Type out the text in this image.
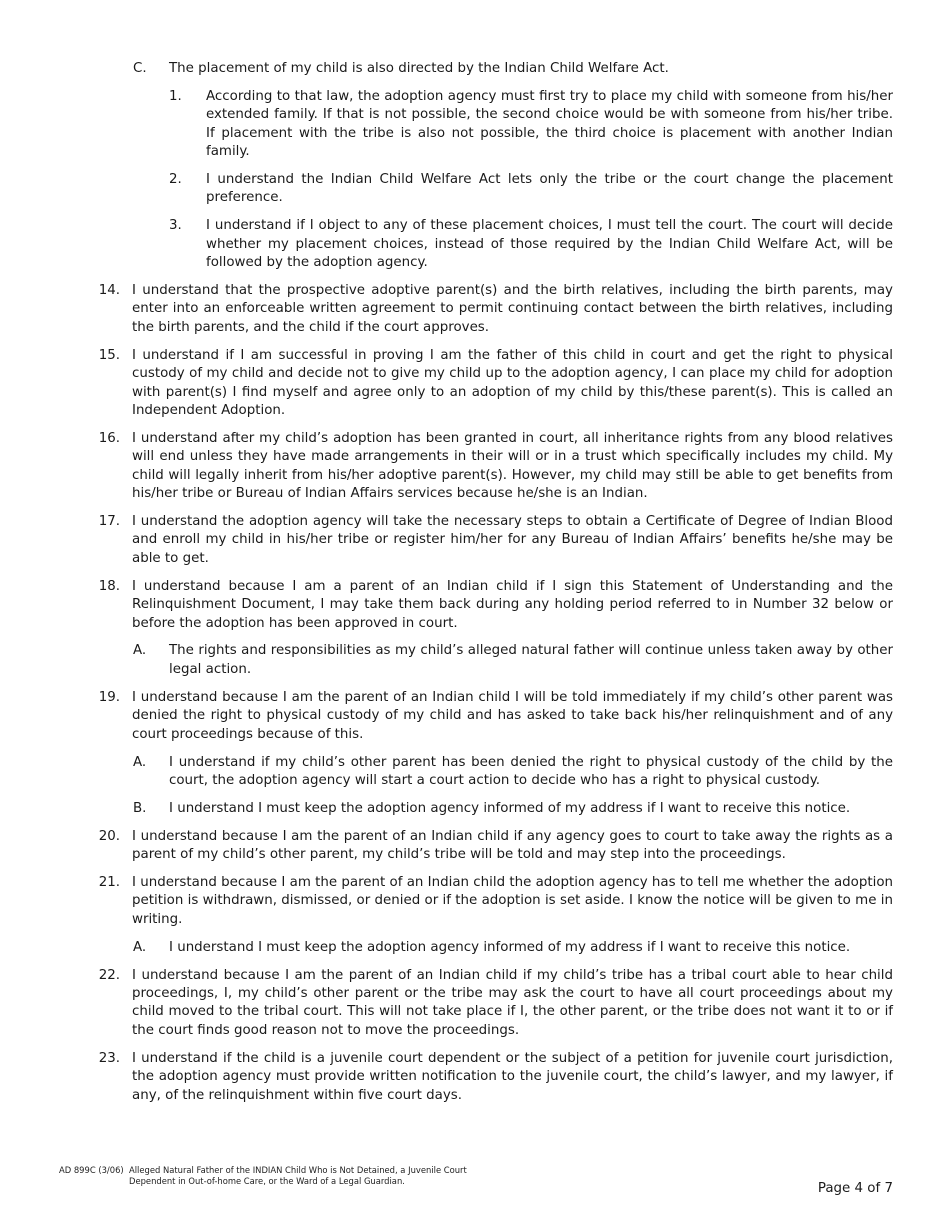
C.	The placement of my child is also directed by the Indian Child Welfare Act.
1.	According to that law, the adoption agency must first try to place my child with someone from his/her extended family. If that is not possible, the second choice would be with someone from his/her tribe. If placement with the tribe is also not possible, the third choice is placement with another Indian family.
2.	I understand the Indian Child Welfare Act lets only the tribe or the court change the placement preference.
3.	I understand if I object to any of these placement choices, I must tell the court. The court will decide whether my placement choices, instead of those required by the Indian Child Welfare Act, will be followed by the adoption agency.
14. I understand that the prospective adoptive parent(s) and the birth relatives, including the birth parents, may enter into an enforceable written agreement to permit continuing contact between the birth relatives, including the birth parents, and the child if the court approves.
15. I understand if I am successful in proving I am the father of this child in court and get the right to physical custody of my child and decide not to give my child up to the adoption agency, I can place my child for adoption with parent(s) I find myself and agree only to an adoption of my child by this/these parent(s). This is called an Independent Adoption.
16. I understand after my child’s adoption has been granted in court, all inheritance rights from any blood relatives will end unless they have made arrangements in their will or in a trust which specifically includes my child. My child will legally inherit from his/her adoptive parent(s). However, my child may still be able to get benefits from his/her tribe or Bureau of Indian Affairs services because he/she is an Indian.
17. I understand the adoption agency will take the necessary steps to obtain a Certificate of Degree of Indian Blood and enroll my child in his/her tribe or register him/her for any Bureau of Indian Affairs’ benefits he/she may be able to get.
18. I understand because I am a parent of an Indian child if I sign this Statement of Understanding and the Relinquishment Document, I may take them back during any holding period referred to in Number 32 below or before the adoption has been approved in court.
A.	The rights and responsibilities as my child’s alleged natural father will continue unless taken away by other legal action.
19. I understand because I am the parent of an Indian child I will be told immediately if my child’s other parent was denied the right to physical custody of my child and has asked to take back his/her relinquishment and of any court proceedings because of this.
A.	I understand if my child’s other parent has been denied the right to physical custody of the child by the court, the adoption agency will start a court action to decide who has a right to physical custody.
B.	I understand I must keep the adoption agency informed of my address if I want to receive this notice.
20. I understand because I am the parent of an Indian child if any agency goes to court to take away the rights as a parent of my child’s other parent, my child’s tribe will be told and may step into the proceedings.
21. I understand because I am the parent of an Indian child the adoption agency has to tell me whether the adoption petition is withdrawn, dismissed, or denied or if the adoption is set aside. I know the notice will be given to me in writing.
A.	I understand I must keep the adoption agency informed of my address if I want to receive this notice.
22. I understand because I am the parent of an Indian child if my child’s tribe has a tribal court able to hear child proceedings, I, my child’s other parent or the tribe may ask the court to have all court proceedings about my child moved to the tribal court. This will not take place if I, the other parent, or the tribe does not want it to or if the court finds good reason not to move the proceedings.
23. I understand if the child is a juvenile court dependent or the subject of a petition for juvenile court jurisdiction, the adoption agency must provide written notification to the juvenile court, the child’s lawyer, and my lawyer, if any, of the relinquishment within five court days.
AD 899C (3/06) Alleged Natural Father of the INDIAN Child Who is Not Detained, a Juvenile Court
Dependent in Out-of-home Care, or the Ward of a Legal Guardian.	Page 4 of 7
